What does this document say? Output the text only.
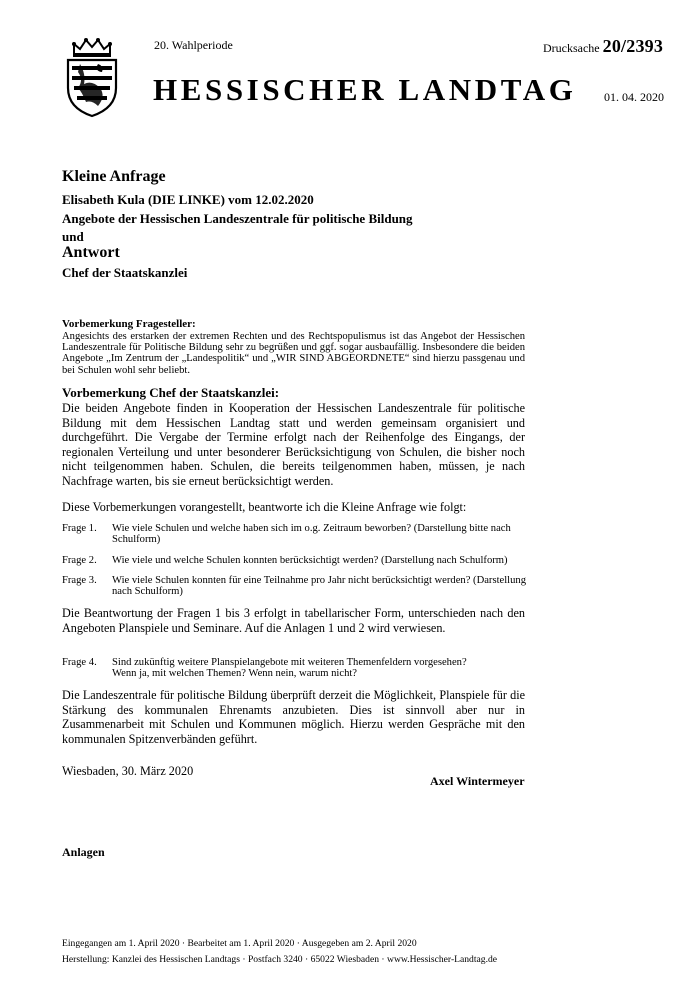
20. Wahlperiode	Drucksache 20/2393
HESSISCHER LANDTAG 01. 04. 2020
Kleine Anfrage
Elisabeth Kula (DIE LINKE) vom 12.02.2020
Angebote der Hessischen Landeszentrale für politische Bildung
und
Antwort
Chef der Staatskanzlei
Vorbemerkung Fragesteller:
Angesichts des erstarken der extremen Rechten und des Rechtspopulismus ist das Angebot der Hessischen Landeszentrale für Politische Bildung sehr zu begrüßen und ggf. sogar ausbaufällig. Insbesondere die beiden Angebote „Im Zentrum der „Landespolitik“ und „WIR SIND ABGEORDNETE“ sind hierzu passgenau und bei Schulen wohl sehr beliebt.
Vorbemerkung Chef der Staatskanzlei:
Die beiden Angebote finden in Kooperation der Hessischen Landeszentrale für politische Bildung mit dem Hessischen Landtag statt und werden gemeinsam organisiert und durchgeführt. Die Vergabe der Termine erfolgt nach der Reihenfolge des Eingangs, der regionalen Verteilung und unter besonderer Berücksichtigung von Schulen, die bisher noch nicht teilgenommen haben. Schulen, die bereits teilgenommen haben, müssen, je nach Nachfrage warten, bis sie erneut berücksichtigt werden.
Diese Vorbemerkungen vorangestellt, beantworte ich die Kleine Anfrage wie folgt:
Frage 1. Wie viele Schulen und welche haben sich im o.g. Zeitraum beworben? (Darstellung bitte nach Schulform)
Frage 2. Wie viele und welche Schulen konnten berücksichtigt werden? (Darstellung nach Schulform)
Frage 3. Wie viele Schulen konnten für eine Teilnahme pro Jahr nicht berücksichtigt werden? (Darstellung nach Schulform)
Die Beantwortung der Fragen 1 bis 3 erfolgt in tabellarischer Form, unterschieden nach den Angeboten Planspiele und Seminare. Auf die Anlagen 1 und 2 wird verwiesen.
Frage 4. Sind zukünftig weitere Planspielangebote mit weiteren Themenfeldern vorgesehen? Wenn ja, mit welchen Themen? Wenn nein, warum nicht?
Die Landeszentrale für politische Bildung überprüft derzeit die Möglichkeit, Planspiele für die Stärkung des kommunalen Ehrenamts anzubieten. Dies ist sinnvoll aber nur in Zusammenarbeit mit Schulen und Kommunen möglich. Hierzu werden Gespräche mit den kommunalen Spitzenverbänden geführt.
Wiesbaden, 30. März 2020
Axel Wintermeyer
Anlagen
Eingegangen am 1. April 2020 · Bearbeitet am 1. April 2020 · Ausgegeben am 2. April 2020
Herstellung: Kanzlei des Hessischen Landtags · Postfach 3240 · 65022 Wiesbaden · www.Hessischer-Landtag.de
